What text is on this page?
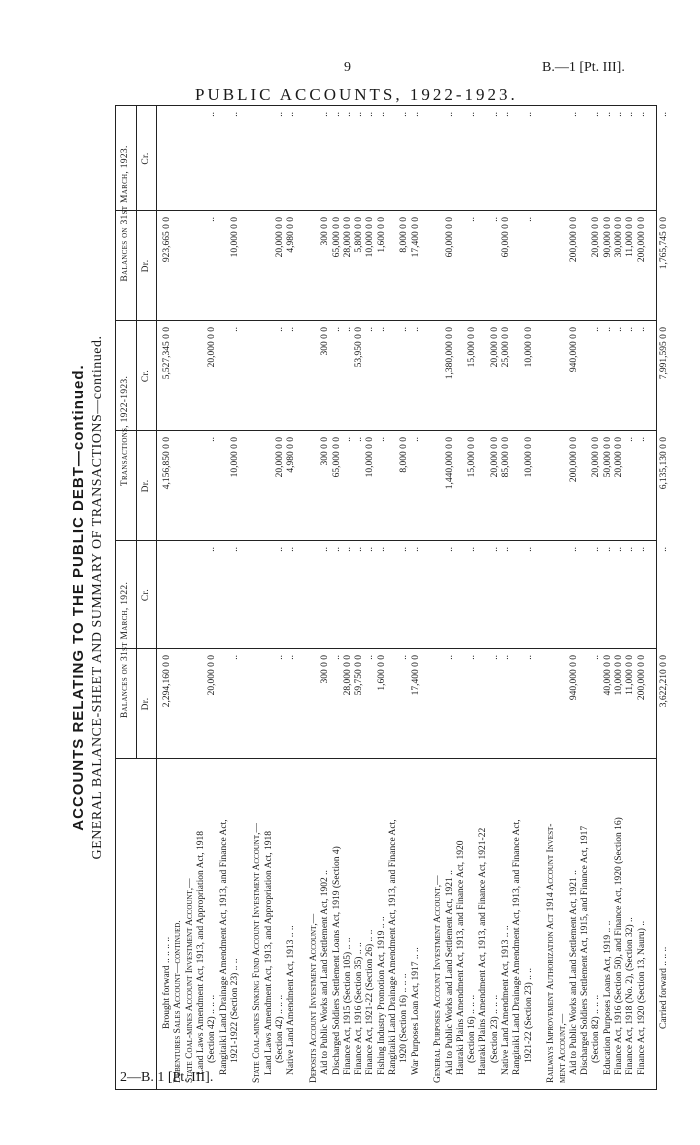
9	B.—1 [Pt. III].
PUBLIC ACCOUNTS, 1922-1923.
2—B. 1 [Pt. III].
ACCOUNTS RELATING TO THE PUBLIC DEBT—continued. GENERAL BALANCE-SHEET AND SUMMARY OF TRANSACTIONS—continued. Balances on 31st March, 1922.
Transactions, 1922-1923.
Balances on 31st March, 1923.
Dr.
Cr.
Dr.
Cr.
Dr.
Cr.
Brought forward .. .. .. ..
2,294,160 0 0
4,156,850 0 0
5,527,345 0 0
923,665 0 0
Debentures Sales Account—continued. State Coal-mines Account Investment Account,— Land Laws Amendment Act, 1913, and Appropriation Act, 1918 (Section 42) .. .. ..
20,000 0 0
..
..
20,000 0 0
..
..
Rangitaiki Land Drainage Amendment Act, 1913, and Finance Act, 1921-1922 (Section 23) .. ..
..
..
10,000 0 0
..
10,000 0 0
..
State Coal-mines Sinking Fund Account Investment Account,— Land Laws Amendment Act, 1913, and Appropriation Act, 1918 (Section 42) .. .. ..
..
..
20,000 0 0
..
20,000 0 0
..
Native Land Amendment Act, 1913 .. ..
..
..
4,980 0 0
..
4,980 0 0
..
Deposits Account Investment Account,— Aid to Public Works and Land Settlement Act, 1902 ..
300 0 0
..
300 0 0
300 0 0
300 0 0
..
Discharged Soldiers Settlement Loans Act, 1919 (Section 4)
..
..
65,000 0 0
..
65,000 0 0
..
Finance Act, 1915 (Section 105) .. ..
28,000 0 0
..
..
..
28,000 0 0
..
Finance Act, 1916 (Section 35) .. ..
59,750 0 0
..
..
53,950 0 0
5,800 0 0
..
Finance Act, 1921-22 (Section 26) .. ..
..
..
10,000 0 0
..
10,000 0 0
..
Fishing Industry Promotion Act, 1919 .. ..
1,600 0 0
..
..
..
1,600 0 0
..
Rangitaiki Land Drainage Amendment Act, 1913, and Finance Act, 1920 (Section 16) .. .. ..
..
..
8,000 0 0
..
8,000 0 0
..
War Purposes Loan Act, 1917 .. ..
17,400 0 0
..
..
..
17,400 0 0
..
General Purposes Account Investment Account,— Aid to Public Works and Land Settlement Act, 1921 ..
..
..
1,440,000 0 0
1,380,000 0 0
60,000 0 0
..
Hauraki Plains Amendment Act, 1913, and Finance Act, 1920 (Section 16) .. .. ..
..
..
15,000 0 0
15,000 0 0
..
..
Hauraki Plains Amendment Act, 1913, and Finance Act, 1921-22 (Section 23) .. .. ..
..
..
20,000 0 0
20,000 0 0
..
..
Native Land Amendment Act, 1913 .. ..
..
..
85,000 0 0
25,000 0 0
60,000 0 0
..
Rangitaiki Land Drainage Amendment Act, 1913, and Finance Act, 1921-22 (Section 23) .. ..
..
..
10,000 0 0
10,000 0 0
..
..
Railways Improvement Authorization Act 1914 Account Invest- ment Account,— Aid to Public Works and Land Settlement Act, 1921 ..
940,000 0 0
..
200,000 0 0
940,000 0 0
200,000 0 0
..
Discharged Soldiers Settlement Act, 1915, and Finance Act, 1917 (Section 82) .. .. ..
..
..
20,000 0 0
..
20,000 0 0
..
Education Purposes Loans Act, 1919 .. ..
40,000 0 0
..
50,000 0 0
..
90,000 0 0
..
Finance Act, 1916 (Section 50), and Finance Act, 1920 (Section 16)
10,000 0 0
..
20,000 0 0
..
30,000 0 0
..
Finance Act, 1918 (No. 2), (Section 32) ..
11,000 0 0
..
..
..
11,000 0 0
..
Finance Act, 1920 (Section 13, Nauru) ..
200,000 0 0
..
..
..
200,000 0 0
..
Carried forward .. .. ..
3,622,210 0 0
..
6,135,130 0 0
7,991,595 0 0
1,765,745 0 0
..
